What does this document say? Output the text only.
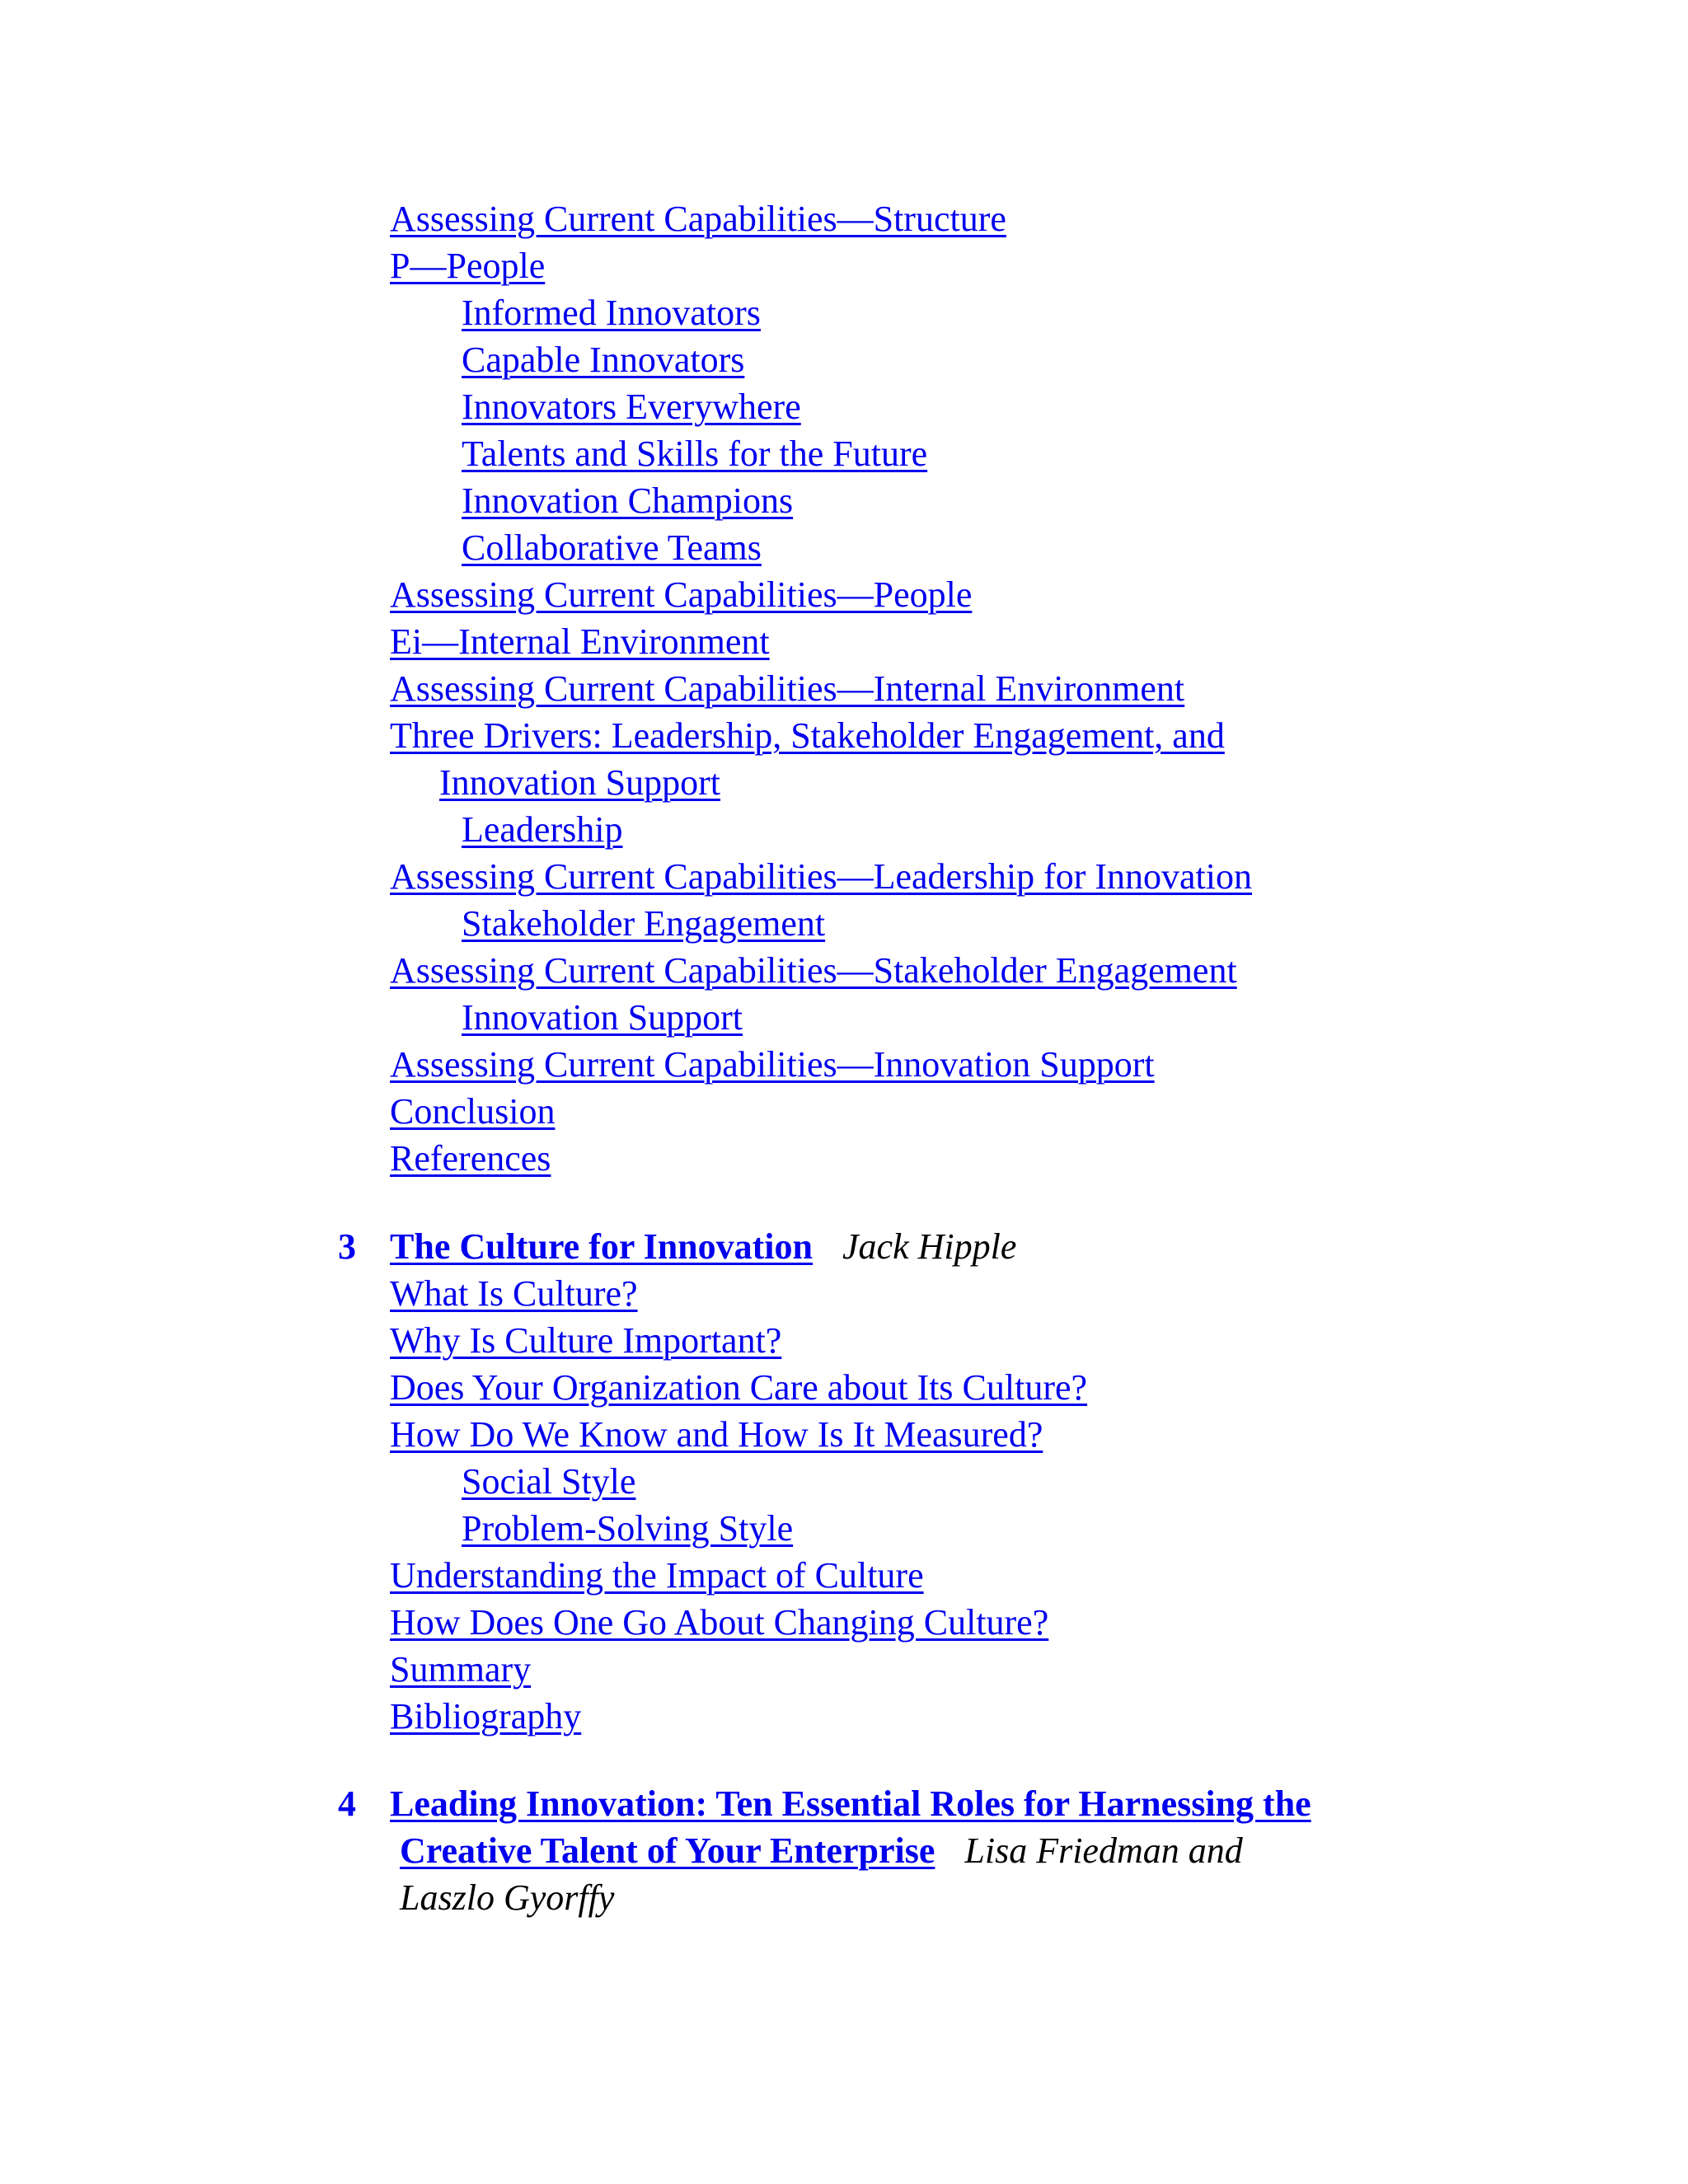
Assessing Current Capabilities—Structure
P—People
Informed Innovators
Capable Innovators
Innovators Everywhere
Talents and Skills for the Future
Innovation Champions
Collaborative Teams
Assessing Current Capabilities—People
Ei—Internal Environment
Assessing Current Capabilities—Internal Environment
Three Drivers: Leadership, Stakeholder Engagement, and
Innovation Support
Leadership
Assessing Current Capabilities—Leadership for Innovation
Stakeholder Engagement
Assessing Current Capabilities—Stakeholder Engagement
Innovation Support
Assessing Current Capabilities—Innovation Support
Conclusion
References
3 The Culture for Innovation Jack Hipple
What Is Culture?
Why Is Culture Important?
Does Your Organization Care about Its Culture?
How Do We Know and How Is It Measured?
Social Style
Problem-Solving Style
Understanding the Impact of Culture
How Does One Go About Changing Culture?
Summary
Bibliography
4 Leading Innovation: Ten Essential Roles for Harnessing the
Creative Talent of Your Enterprise Lisa Friedman and
Laszlo Gyorffy
